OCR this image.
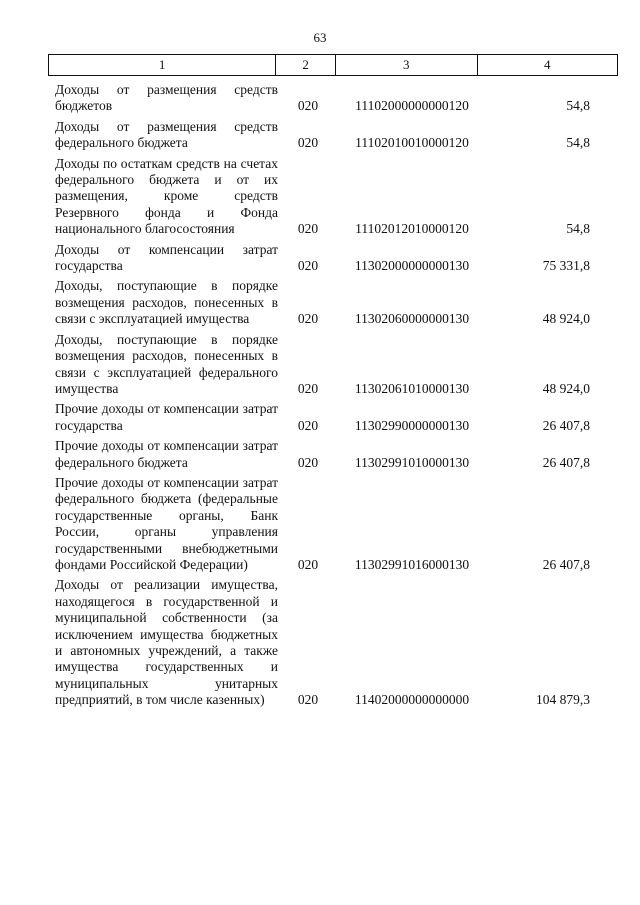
63
1	2	3	4
Доходы от размещения средств бюджетов	020	11102000000000120	54,8
Доходы от размещения средств федерального бюджета	020	11102010010000120	54,8
Доходы по остаткам средств на счетах федерального бюджета и от их размещения, кроме средств Резервного фонда и Фонда национального благосостояния	020	11102012010000120	54,8
Доходы от компенсации затрат государства	020	11302000000000130	75 331,8
Доходы, поступающие в порядке возмещения расходов, понесенных в связи с эксплуатацией имущества	020	11302060000000130	48 924,0
Доходы, поступающие в порядке возмещения расходов, понесенных в связи с эксплуатацией федерального имущества	020	11302061010000130	48 924,0
Прочие доходы от компенсации затрат государства	020	11302990000000130	26 407,8
Прочие доходы от компенсации затрат федерального бюджета	020	11302991010000130	26 407,8
Прочие доходы от компенсации затрат федерального бюджета (федеральные государственные органы, Банк России, органы управления государственными внебюджетными фондами Российской Федерации)	020	11302991016000130	26 407,8
Доходы от реализации имущества, находящегося в государственной и муниципальной собственности (за исключением имущества бюджетных и автономных учреждений, а также имущества государственных и муниципальных унитарных предприятий, в том числе казенных)	020	11402000000000000	104 879,3
